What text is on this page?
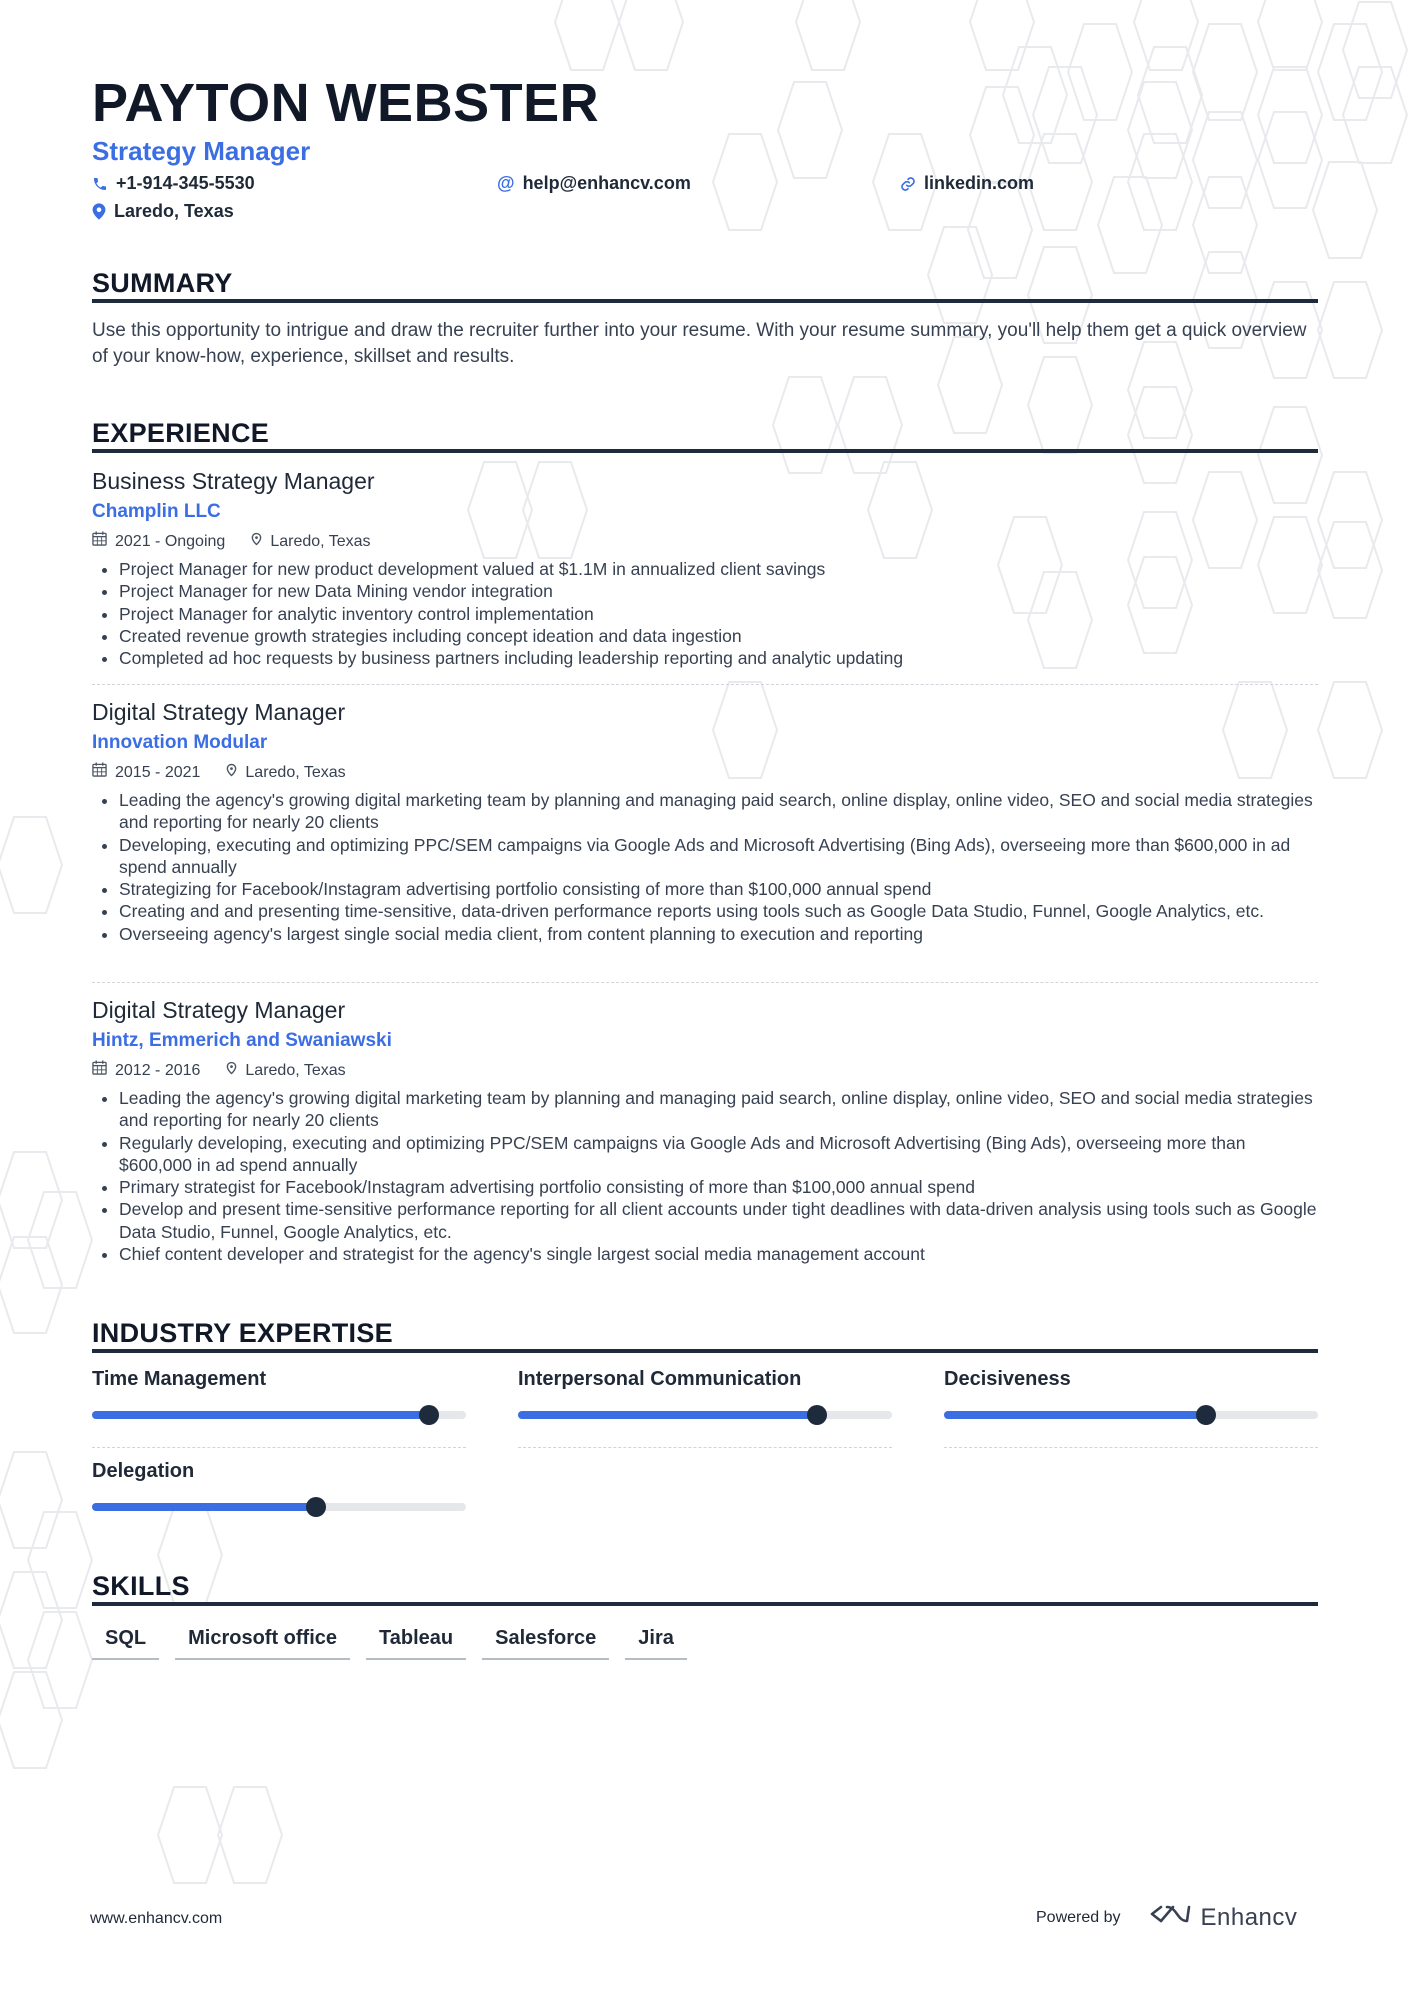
PAYTON WEBSTER
Strategy Manager
+1-914-345-5530	@ help@enhancv.com	linkedin.com
Laredo, Texas
SUMMARY
Use this opportunity to intrigue and draw the recruiter further into your resume. With your resume summary, you'll help them get a quick overview of your know-how, experience, skillset and results.
EXPERIENCE
Business Strategy Manager
Champlin LLC
2021 - Ongoing	Laredo, Texas
• Project Manager for new product development valued at $1.1M in annualized client savings
• Project Manager for new Data Mining vendor integration
• Project Manager for analytic inventory control implementation
• Created revenue growth strategies including concept ideation and data ingestion
• Completed ad hoc requests by business partners including leadership reporting and analytic updating
Digital Strategy Manager
Innovation Modular
2015 - 2021	Laredo, Texas
• Leading the agency's growing digital marketing team by planning and managing paid search, online display, online video, SEO and social media strategies and reporting for nearly 20 clients
• Developing, executing and optimizing PPC/SEM campaigns via Google Ads and Microsoft Advertising (Bing Ads), overseeing more than $600,000 in ad spend annually
• Strategizing for Facebook/Instagram advertising portfolio consisting of more than $100,000 annual spend
• Creating and and presenting time-sensitive, data-driven performance reports using tools such as Google Data Studio, Funnel, Google Analytics, etc.
• Overseeing agency's largest single social media client, from content planning to execution and reporting
Digital Strategy Manager
Hintz, Emmerich and Swaniawski
2012 - 2016	Laredo, Texas
• Leading the agency's growing digital marketing team by planning and managing paid search, online display, online video, SEO and social media strategies and reporting for nearly 20 clients
• Regularly developing, executing and optimizing PPC/SEM campaigns via Google Ads and Microsoft Advertising (Bing Ads), overseeing more than $600,000 in ad spend annually
• Primary strategist for Facebook/Instagram advertising portfolio consisting of more than $100,000 annual spend
• Develop and present time-sensitive performance reporting for all client accounts under tight deadlines with data-driven analysis using tools such as Google Data Studio, Funnel, Google Analytics, etc.
• Chief content developer and strategist for the agency's single largest social media management account
INDUSTRY EXPERTISE
Time Management	Interpersonal Communication	Decisiveness
Delegation
SKILLS
SQL	Microsoft office	Tableau	Salesforce	Jira
www.enhancv.com	Powered by	Enhancv
